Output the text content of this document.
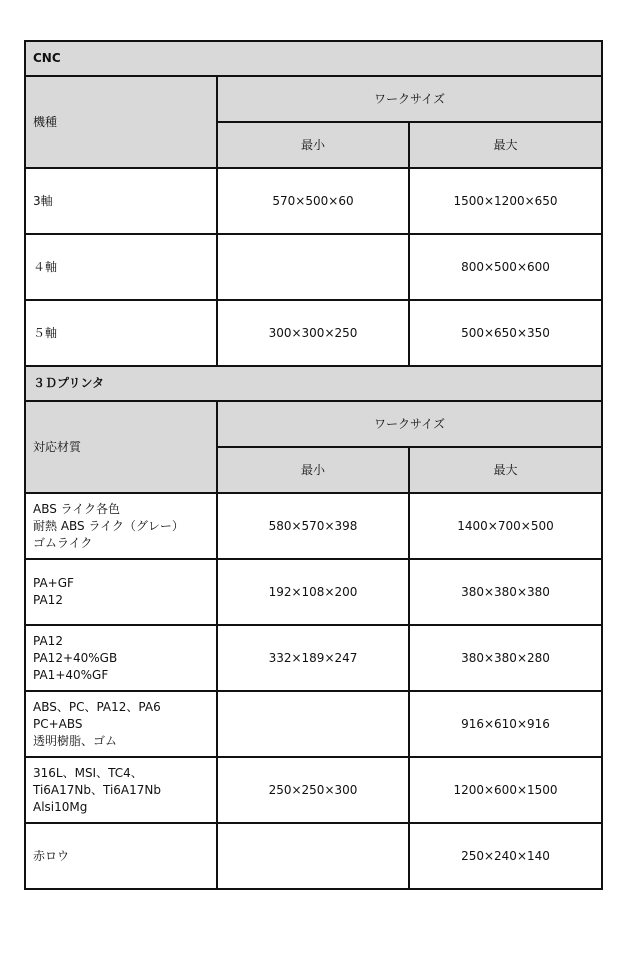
CNC		
機種	ワークサイズ	
	最小	最大
3軸	570×500×60	1500×1200×650
４軸		800×500×600
５軸	300×300×250	500×650×350
３Ｄプリンタ		
対応材質	ワークサイズ	
	最小	最大

ABS ライク各色
耐熱 ABS ライク（グレー）
ゴムライク	580×570×398	1400×700×500

PA+GF
PA12	192×108×200	380×380×380

PA12
PA12+40%GB
PA1+40%GF	332×189×247	380×380×280

ABS、PC、PA12、PA6
PC+ABS
透明樹脂、ゴム		916×610×916

316L、MSI、TC4、
Ti6A17Nb、Ti6A17Nb
Alsi10Mg	250×250×300	1200×600×1500

赤ロウ		250×240×140
